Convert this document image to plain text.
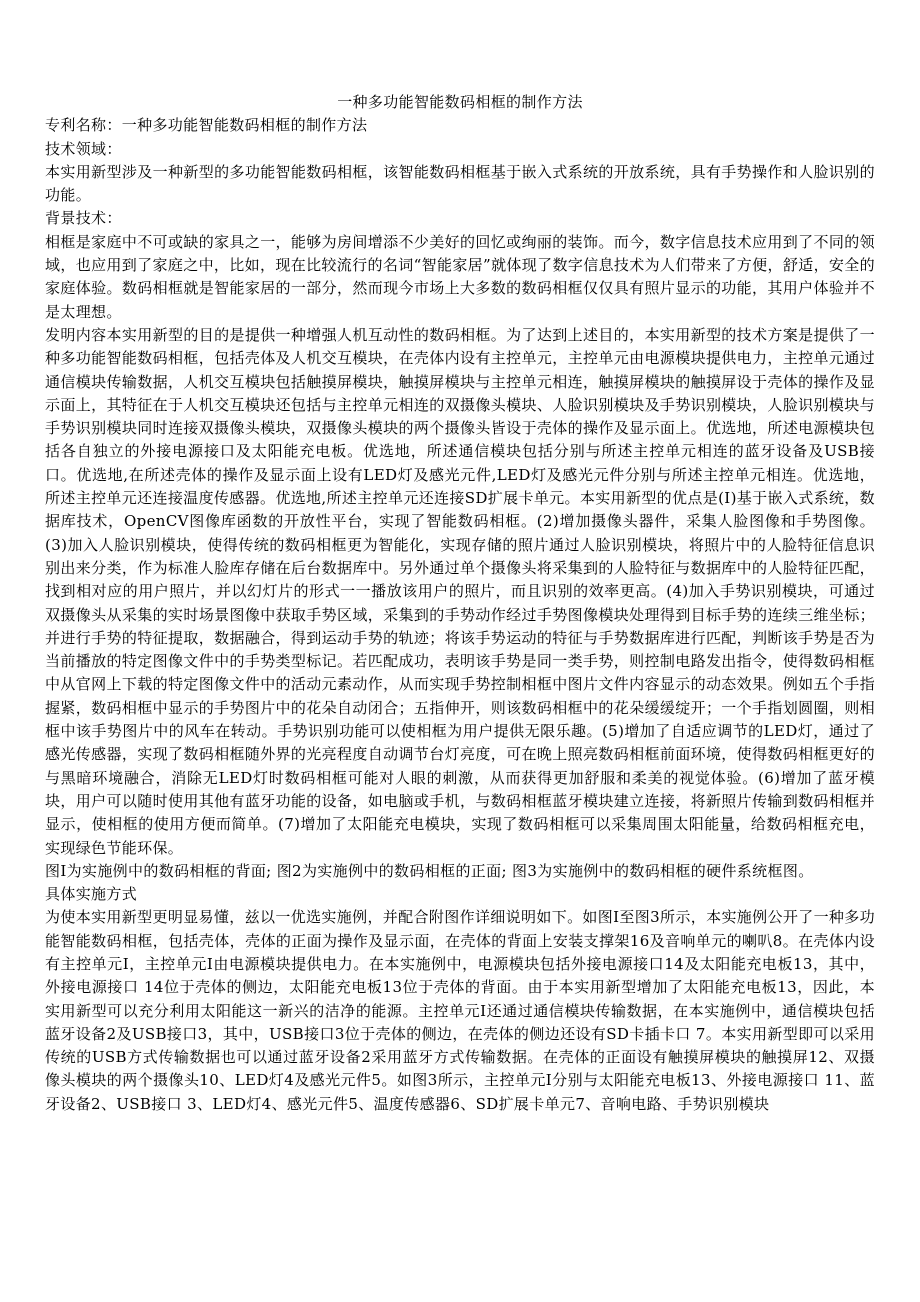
一种多功能智能数码相框的制作方法

专利名称：一种多功能智能数码相框的制作方法

技术领域：

本实用新型涉及一种新型的多功能智能数码相框，该智能数码相框基于嵌入式系统的开放系统，具有手势操作和人脸识别的功能。

背景技术：

相框是家庭中不可或缺的家具之一，能够为房间增添不少美好的回忆或绚丽的装饰。而今，数字信息技术应用到了不同的领域，也应用到了家庭之中，比如，现在比较流行的名词“智能家居”就体现了数字信息技术为人们带来了方便，舒适，安全的家庭体验。数码相框就是智能家居的一部分，然而现今市场上大多数的数码相框仅仅具有照片显示的功能，其用户体验并不是太理想。

发明内容本实用新型的目的是提供一种增强人机互动性的数码相框。为了达到上述目的，本实用新型的技术方案是提供了一种多功能智能数码相框，包括壳体及人机交互模块，在壳体内设有主控单元，主控单元由电源模块提供电力，主控单元通过通信模块传输数据，人机交互模块包括触摸屏模块，触摸屏模块与主控单元相连，触摸屏模块的触摸屏设于壳体的操作及显示面上，其特征在于人机交互模块还包括与主控单元相连的双摄像头模块、人脸识别模块及手势识别模块，人脸识别模块与手势识别模块同时连接双摄像头模块，双摄像头模块的两个摄像头皆设于壳体的操作及显示面上。优选地，所述电源模块包括各自独立的外接电源接口及太阳能充电板。优选地，所述通信模块包括分别与所述主控单元相连的蓝牙设备及USB接口。优选地,在所述壳体的操作及显示面上设有LED灯及感光元件,LED灯及感光元件分别与所述主控单元相连。优选地，所述主控单元还连接温度传感器。优选地,所述主控单元还连接SD扩展卡单元。本实用新型的优点是(I)基于嵌入式系统，数据库技术，OpenCV图像库函数的开放性平台，实现了智能数码相框。(2)增加摄像头器件，采集人脸图像和手势图像。(3)加入人脸识别模块，使得传统的数码相框更为智能化，实现存储的照片通过人脸识别模块，将照片中的人脸特征信息识别出来分类，作为标准人脸库存储在后台数据库中。另外通过单个摄像头将采集到的人脸特征与数据库中的人脸特征匹配，找到相对应的用户照片，并以幻灯片的形式一一播放该用户的照片，而且识别的效率更高。(4)加入手势识别模块，可通过双摄像头从采集的实时场景图像中获取手势区域，采集到的手势动作经过手势图像模块处理得到目标手势的连续三维坐标；并进行手势的特征提取，数据融合，得到运动手势的轨迹；将该手势运动的特征与手势数据库进行匹配，判断该手势是否为当前播放的特定图像文件中的手势类型标记。若匹配成功，表明该手势是同一类手势，则控制电路发出指令，使得数码相框中从官网上下载的特定图像文件中的活动元素动作，从而实现手势控制相框中图片文件内容显示的动态效果。例如五个手指握紧，数码相框中显示的手势图片中的花朵自动闭合；五指伸开，则该数码相框中的花朵缓缓绽开；一个手指划圆圈，则相框中该手势图片中的风车在转动。手势识别功能可以使相框为用户提供无限乐趣。(5)增加了自适应调节的LED灯，通过了感光传感器，实现了数码相框随外界的光亮程度自动调节台灯亮度，可在晚上照亮数码相框前面环境，使得数码相框更好的与黑暗环境融合，消除无LED灯时数码相框可能对人眼的刺激，从而获得更加舒服和柔美的视觉体验。(6)增加了蓝牙模块，用户可以随时使用其他有蓝牙功能的设备，如电脑或手机，与数码相框蓝牙模块建立连接，将新照片传输到数码相框并显示，使相框的使用方便而简单。(7)增加了太阳能充电模块，实现了数码相框可以采集周围太阳能量，给数码相框充电，实现绿色节能环保。

图I为实施例中的数码相框的背面; 图2为实施例中的数码相框的正面; 图3为实施例中的数码相框的硬件系统框图。

具体实施方式

为使本实用新型更明显易懂，兹以一优选实施例，并配合附图作详细说明如下。如图I至图3所示，本实施例公开了一种多功能智能数码相框，包括壳体，壳体的正面为操作及显示面，在壳体的背面上安装支撑架16及音响单元的喇叭8。在壳体内设有主控单元I，主控单元I由电源模块提供电力。在本实施例中，电源模块包括外接电源接口14及太阳能充电板13，其中，外接电源接口 14位于壳体的侧边，太阳能充电板13位于壳体的背面。由于本实用新型增加了太阳能充电板13，因此，本实用新型可以充分利用太阳能这一新兴的洁净的能源。主控单元I还通过通信模块传输数据，在本实施例中，通信模块包括蓝牙设备2及USB接口3，其中，USB接口3位于壳体的侧边，在壳体的侧边还设有SD卡插卡口 7。本实用新型即可以采用传统的USB方式传输数据也可以通过蓝牙设备2采用蓝牙方式传输数据。在壳体的正面设有触摸屏模块的触摸屏12、双摄像头模块的两个摄像头10、LED灯4及感光元件5。如图3所示，主控单元I分别与太阳能充电板13、外接电源接口 11、蓝牙设备2、USB接口 3、LED灯4、感光元件5、温度传感器6、SD扩展卡单元7、音响电路、手势识别模块
